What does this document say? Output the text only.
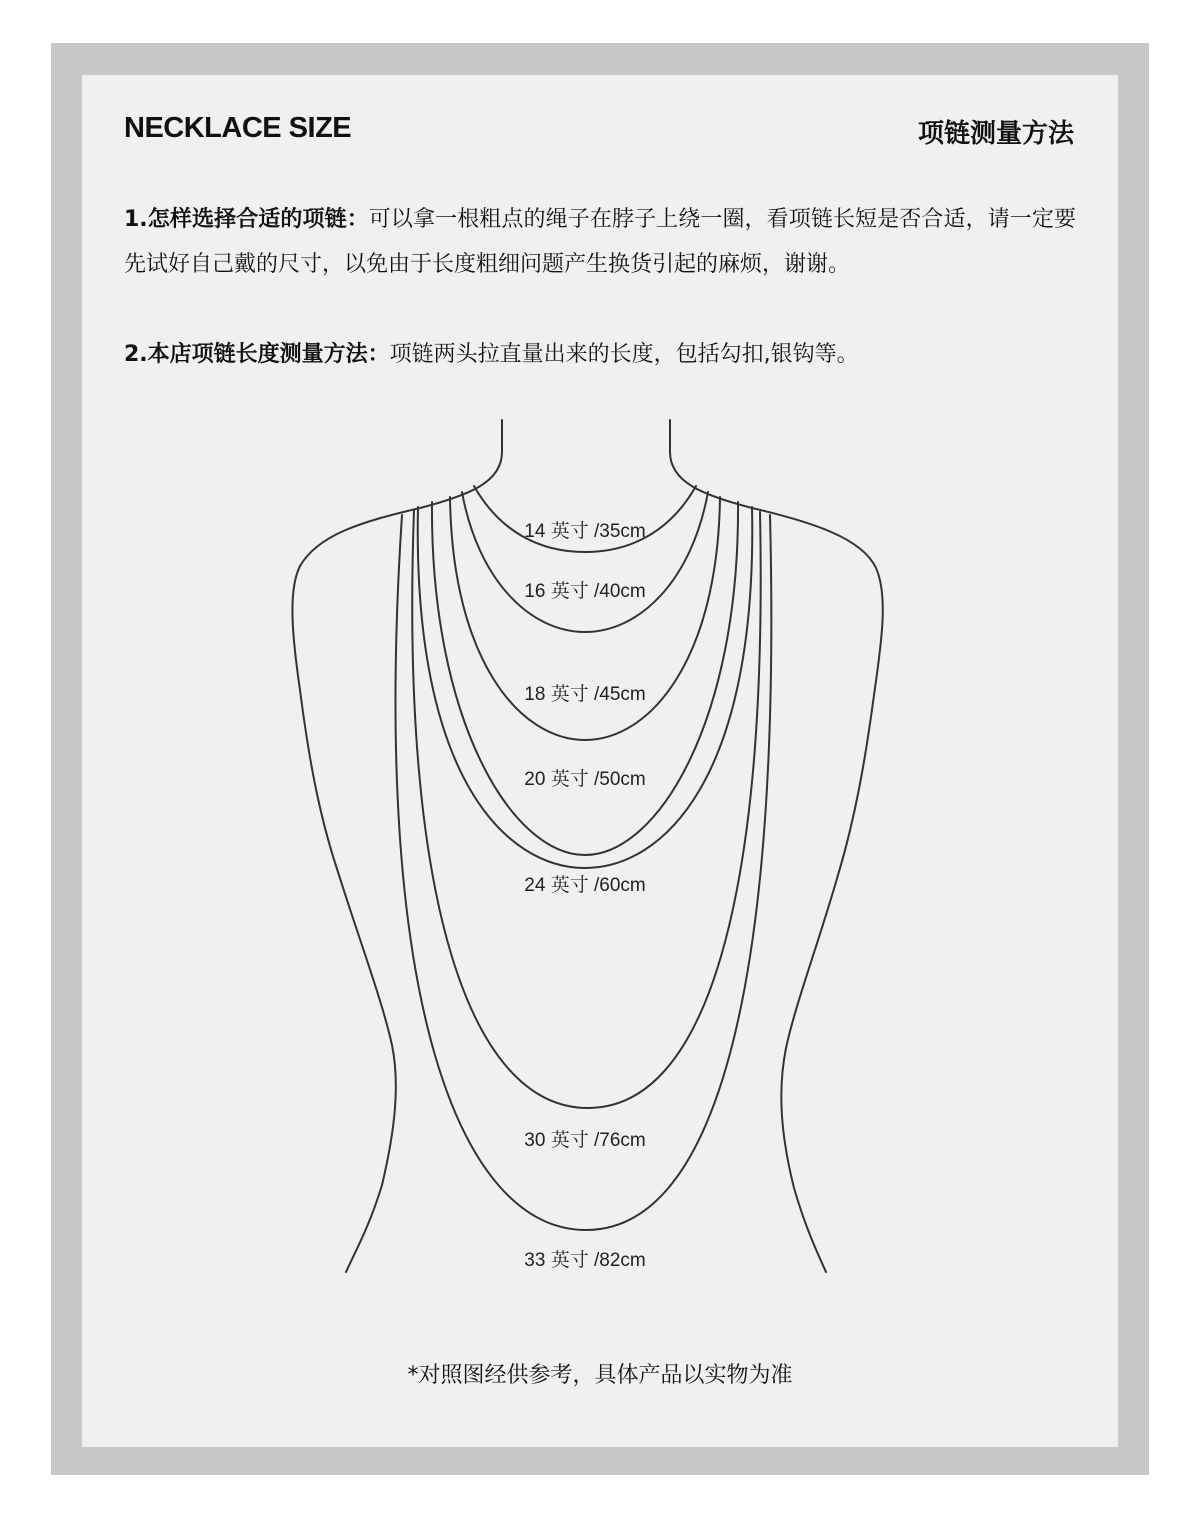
NECKLACE SIZE	项链测量方法
1.怎样选择合适的项链：可以拿一根粗点的绳子在脖子上绕一圈，看项链长短是否合适，请一定要先试好自己戴的尺寸，以免由于长度粗细问题产生换货引起的麻烦，谢谢。
2.本店项链长度测量方法：项链两头拉直量出来的长度，包括勾扣,银钩等。
14 英寸 /35cm
16 英寸 /40cm
18 英寸 /45cm
20 英寸 /50cm
24 英寸 /60cm
30 英寸 /76cm
33 英寸 /82cm
*对照图经供参考，具体产品以实物为准
